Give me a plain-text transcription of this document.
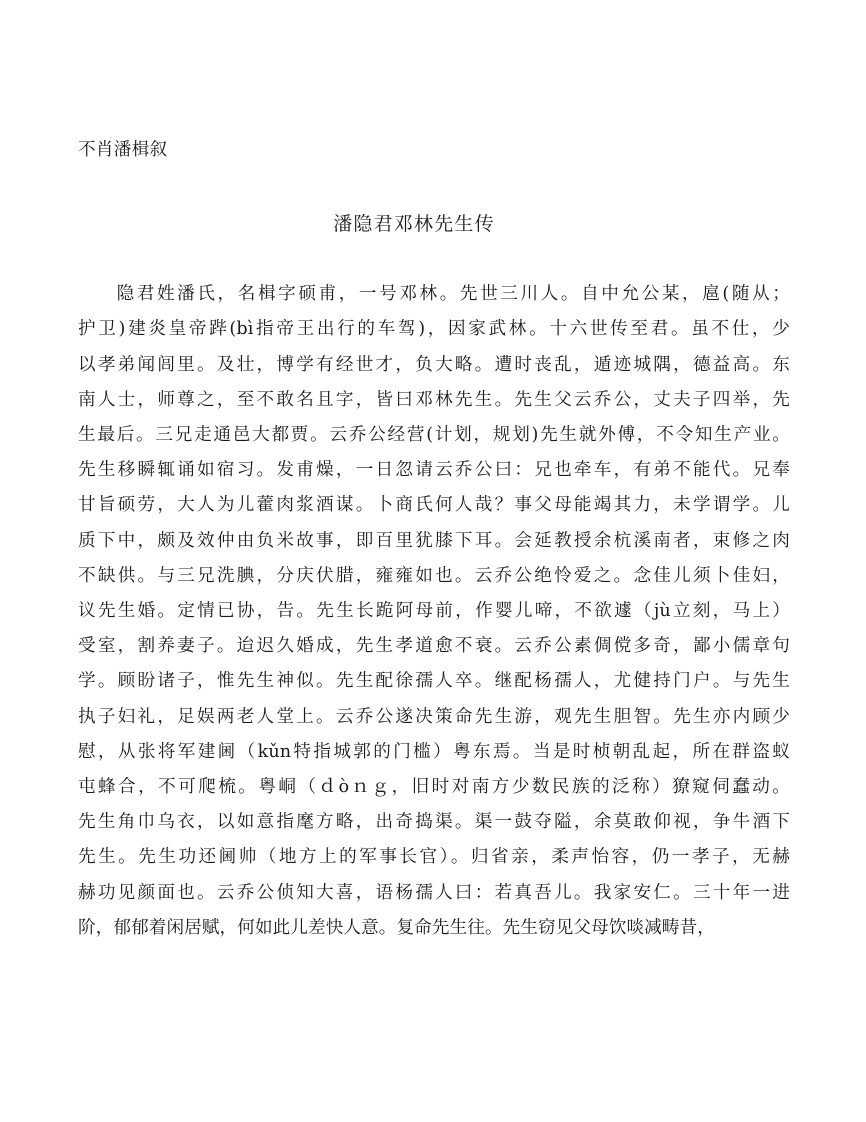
不肖潘楫叙
潘隐君邓林先生传

隐君姓潘氏，名楫字硕甫，一号邓林。先世三川人。自中允公某，扈(随从；
护卫)建炎皇帝跸(bì指帝王出行的车驾)，因家武林。十六世传至君。虽不仕，少
以孝弟闻闾里。及壮，博学有经世才，负大略。遭时丧乱，遁迹城隅，德益高。东
南人士，师尊之，至不敢名且字，皆曰邓林先生。先生父云乔公，丈夫子四举，先
生最后。三兄走通邑大都贾。云乔公经营(计划，规划)先生就外傅，不令知生产业。
先生移瞬辄诵如宿习。发甫燥，一日忽请云乔公曰：兄也牵车，有弟不能代。兄奉
甘旨硕劳，大人为儿藿肉浆酒谋。卜商氏何人哉？事父母能竭其力，未学谓学。儿
质下中，颇及效仲由负米故事，即百里犹膝下耳。会延教授余杭溪南者，束修之肉
不缺供。与三兄洗腆，分庆伏腊，雍雍如也。云乔公绝怜爱之。念佳儿须卜佳妇，
议先生婚。定情已协，告。先生长跪阿母前，作婴儿啼，不欲遽（jù立刻，马上）
受室，割养妻子。迨迟久婚成，先生孝道愈不衰。云乔公素倜傥多奇，鄙小儒章句
学。顾盼诸子，惟先生神似。先生配徐孺人卒。继配杨孺人，尤健持门户。与先生
执子妇礼，足娱两老人堂上。云乔公遂决策命先生游，观先生胆智。先生亦内顾少
慰，从张将军建阃（kǔn特指城郭的门槛）粤东焉。当是时桢朝乱起，所在群盗蚁
屯蜂合，不可爬梳。粤峒（ｄòｎｇ，旧时对南方少数民族的泛称）獠窥伺蠢动。
先生角巾乌衣，以如意指麾方略，出奇捣渠。渠一鼓夺隘，余莫敢仰视，争牛酒下
先生。先生功还阃帅（地方上的军事长官）。归省亲，柔声怡容，仍一孝子，无赫
赫功见颜面也。云乔公侦知大喜，语杨孺人曰：若真吾儿。我家安仁。三十年一进
阶，郁郁着闲居赋，何如此儿差快人意。复命先生往。先生窃见父母饮啖减畴昔，
